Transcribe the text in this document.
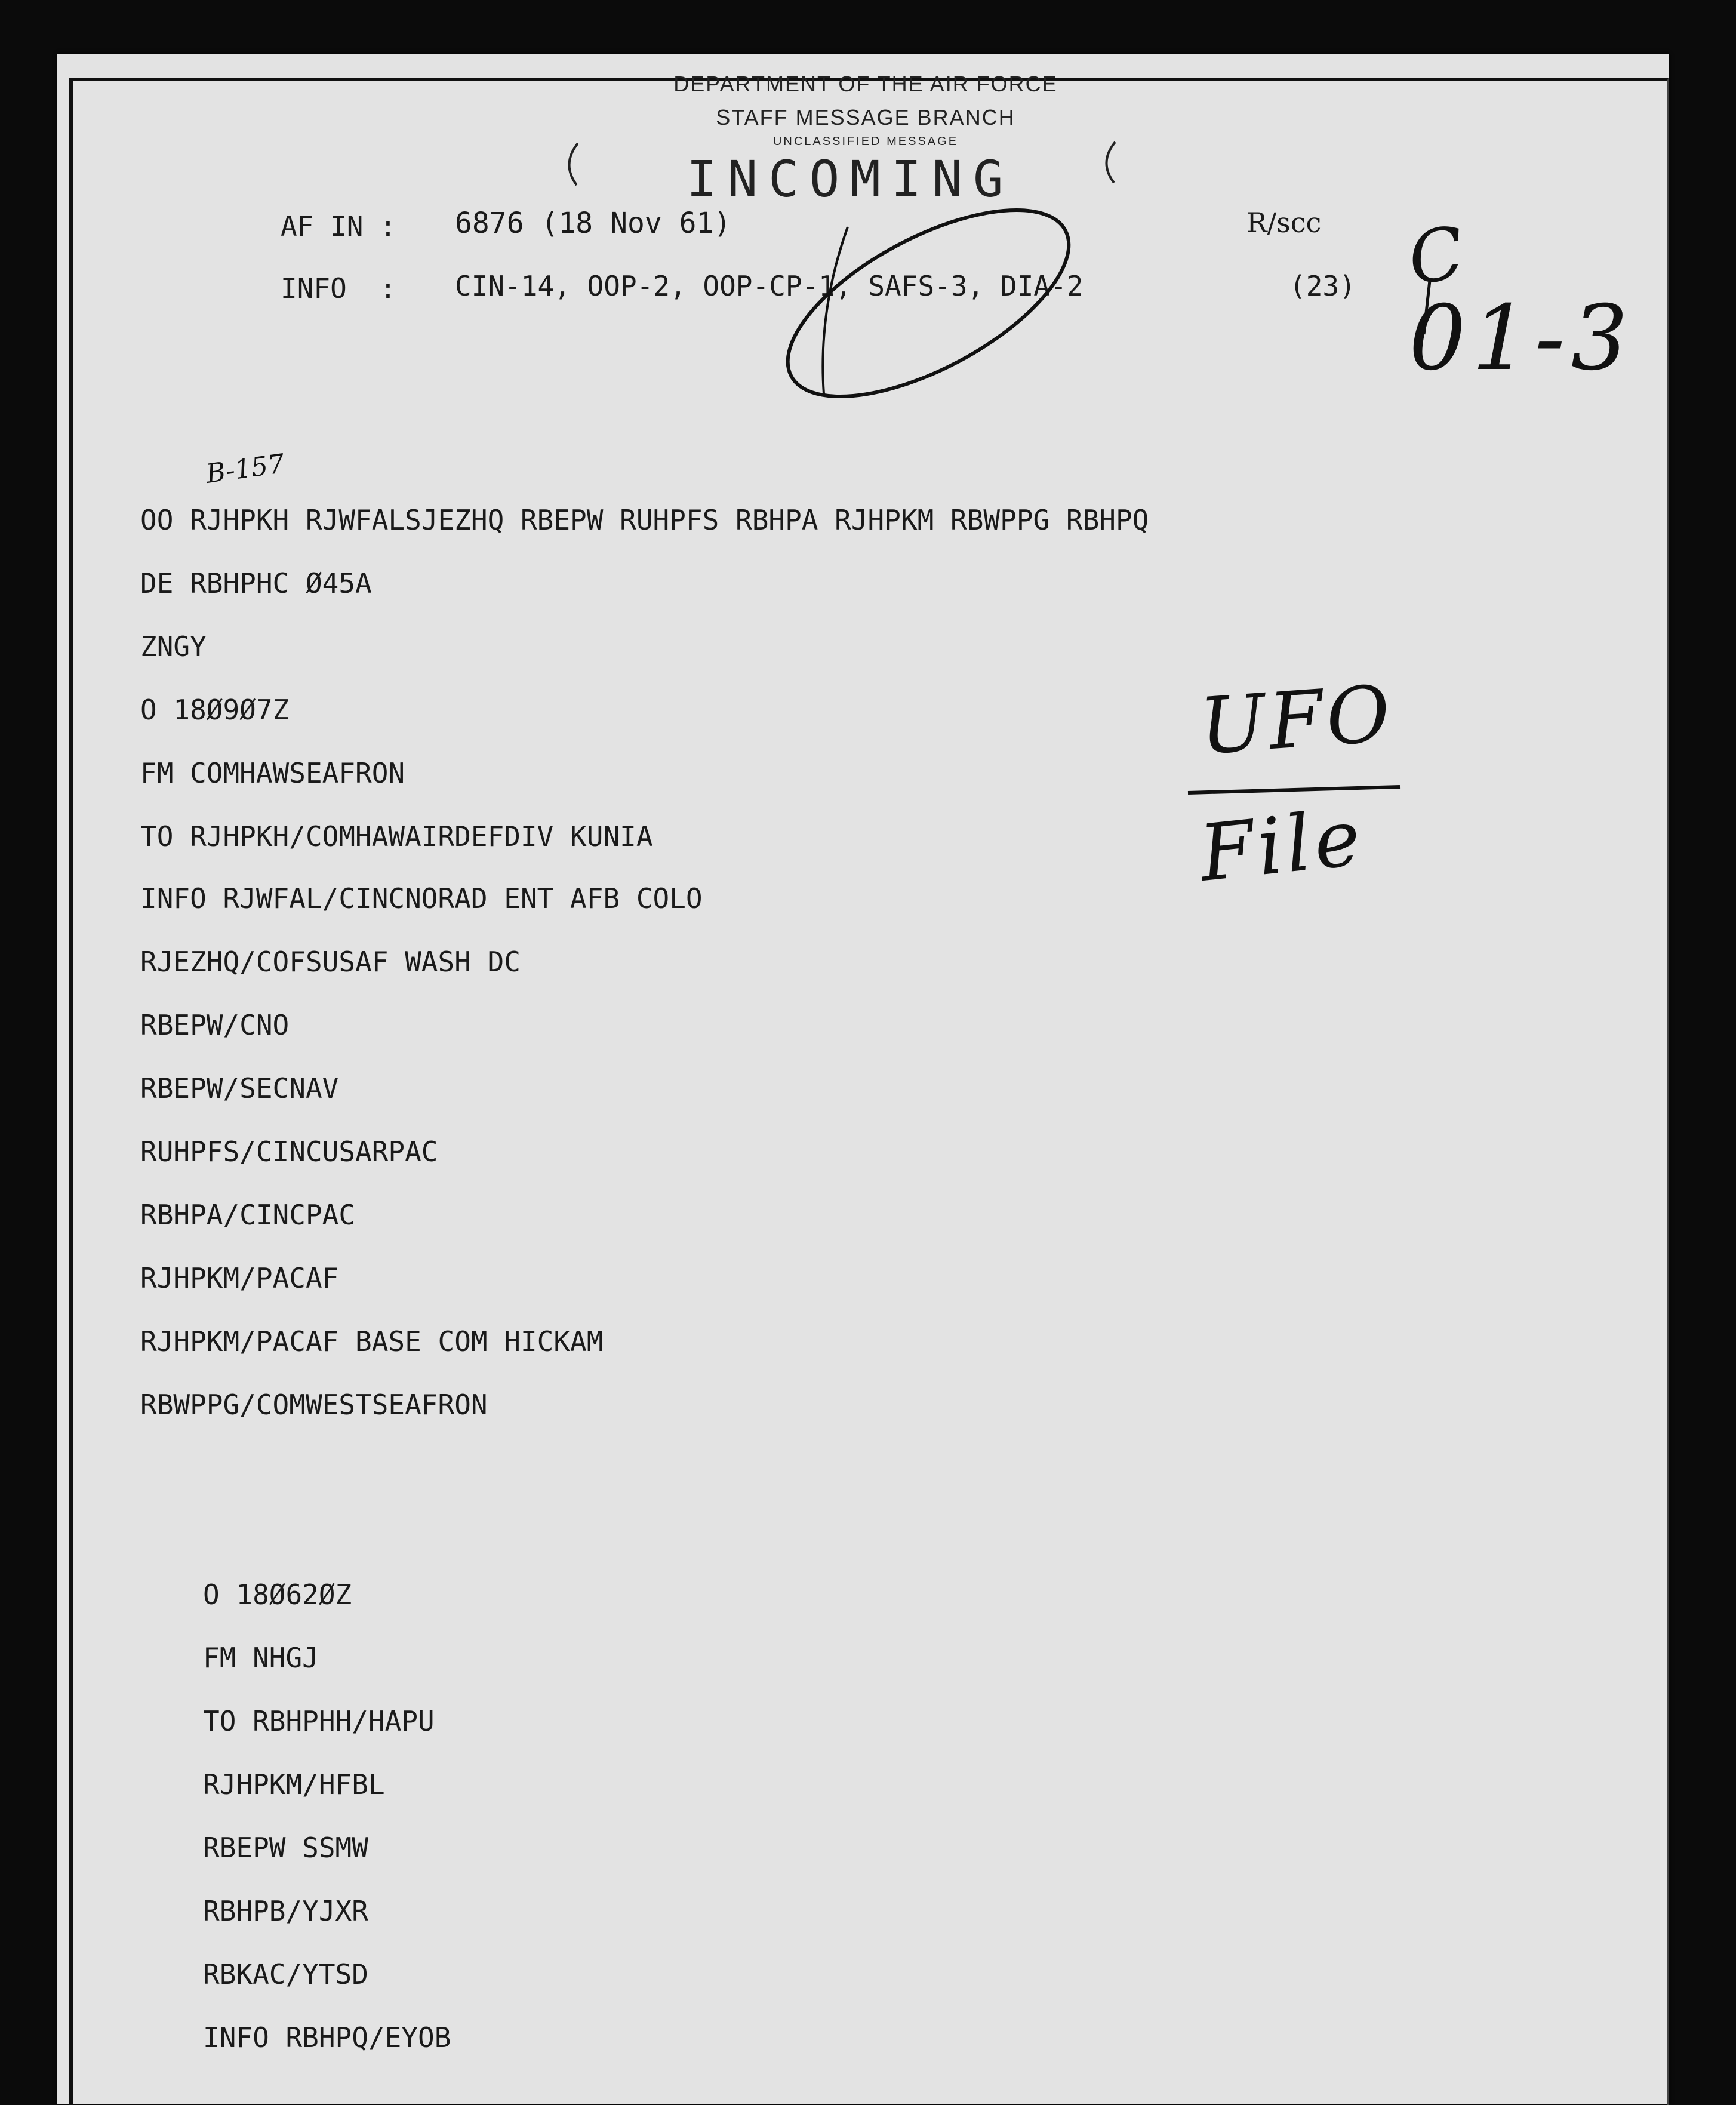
DEPARTMENT OF THE AIR FORCE
STAFF MESSAGE BRANCH
UNCLASSIFIED MESSAGE
INCOMING
AF IN : 6876 (18 Nov 61)	R/scc
INFO  : CIN-14, OOP-2, OOP-CP-1, SAFS-3, DIA-2	(23) C
01-3
B-157
UFO
File
OO RJHPKH RJWFALSJEZHQ RBEPW RUHPFS RBHPA RJHPKM RBWPPG RBHPQ
DE RBHPHC Ø45A
ZNGY
O 18Ø9Ø7Z
FM COMHAWSEAFRON
TO RJHPKH/COMHAWAIRDEFDIV KUNIA
INFO RJWFAL/CINCNORAD ENT AFB COLO
RJEZHQ/COFSUSAF WASH DC
RBEPW/CNO
RBEPW/SECNAV
RUHPFS/CINCUSARPAC
RBHPA/CINCPAC
RJHPKM/PACAF
RJHPKM/PACAF BASE COM HICKAM
RBWPPG/COMWESTSEAFRON
O 18Ø62ØZ
FM NHGJ
TO RBHPHH/HAPU
RJHPKM/HFBL
RBEPW SSMW
RBHPB/YJXR
RBKAC/YTSD
INFO RBHPQ/EYOB
